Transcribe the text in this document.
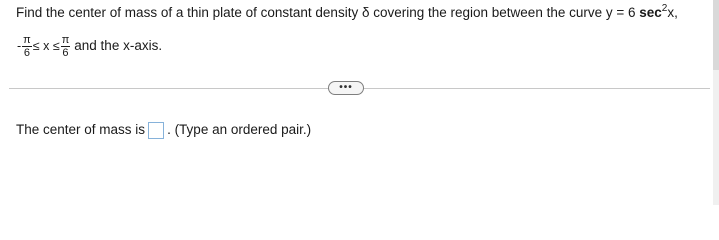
Find the center of mass of a thin plate of constant density δ covering the region between the curve y = 6 $\sec^2x$,
- $\frac{\pi}{6} \le x \le \frac{\pi}{6}$ and the x-axis.
•••
The center of mass is . (Type an ordered pair.)
